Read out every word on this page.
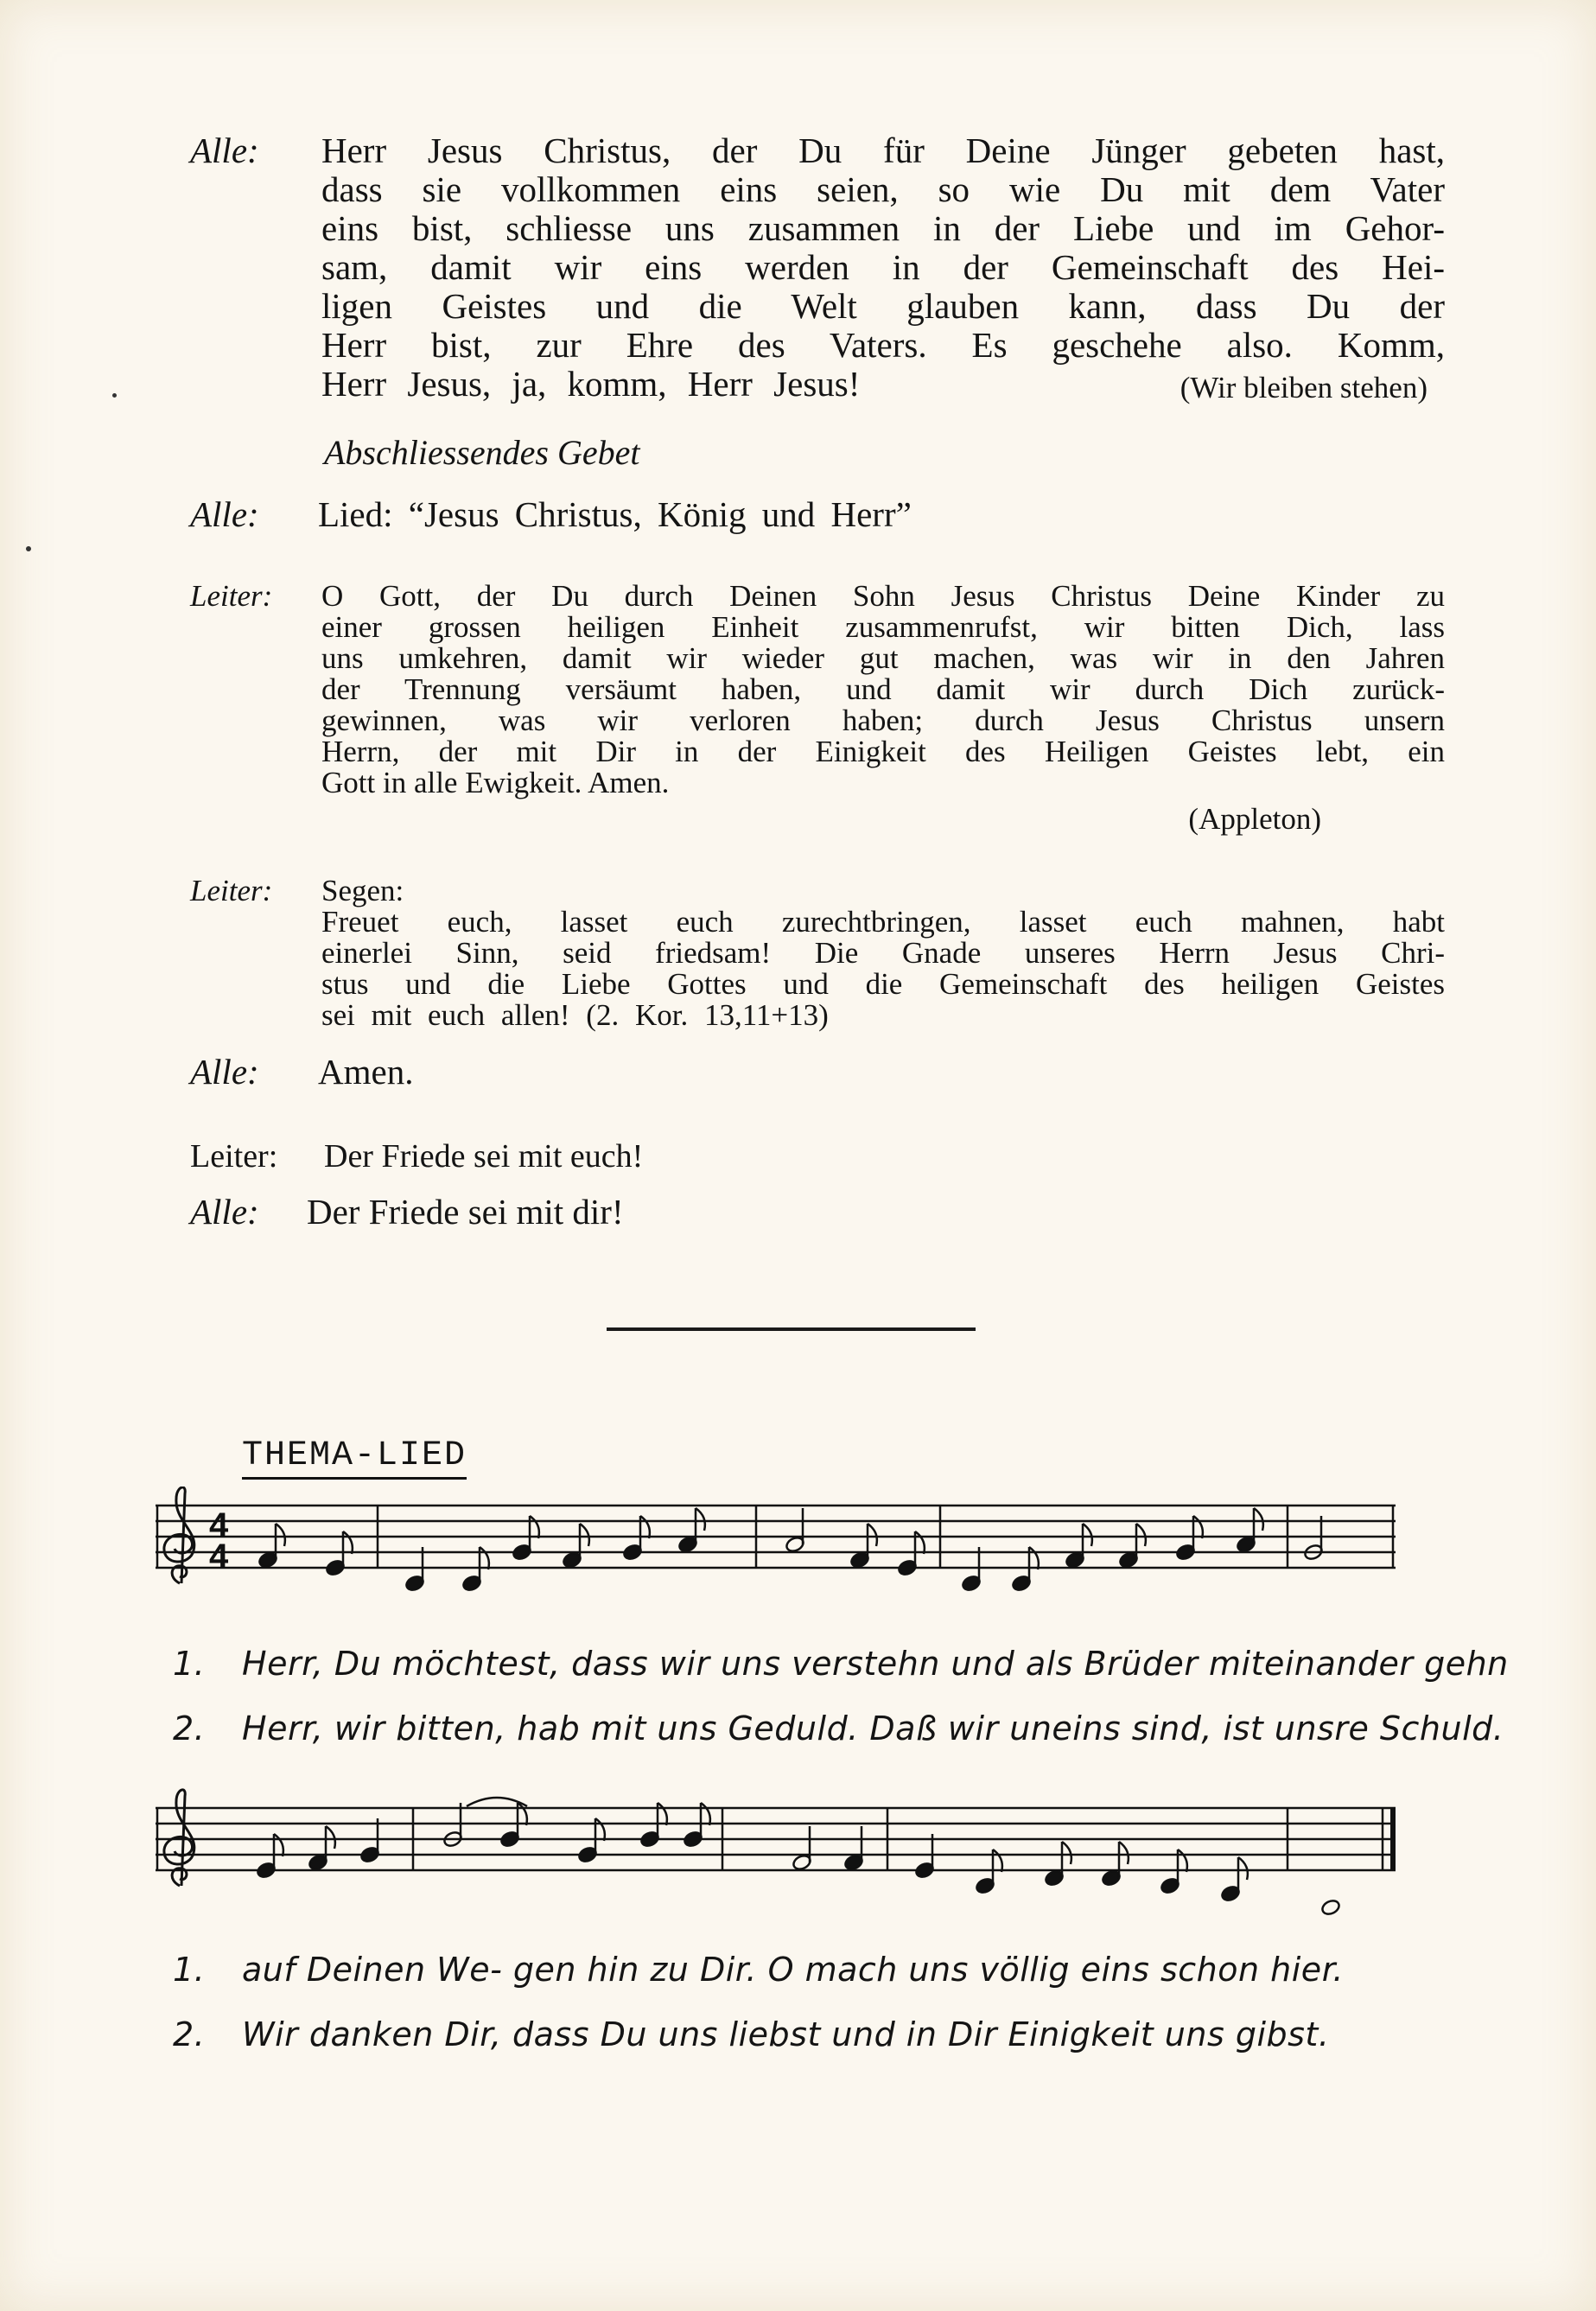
Alle: Herr Jesus Christus, der Du für Deine Jünger gebeten hast,
dass sie vollkommen eins seien, so wie Du mit dem Vater
eins bist, schliesse uns zusammen in der Liebe und im Gehor-
sam, damit wir eins werden in der Gemeinschaft des Hei-
ligen Geistes und die Welt glauben kann, dass Du der
Herr bist, zur Ehre des Vaters. Es geschehe also. Komm,
Herr Jesus, ja, komm, Herr Jesus!	(Wir bleiben stehen)
Abschliessendes Gebet
Alle: Lied: “Jesus Christus, König und Herr”
Leiter: O Gott, der Du durch Deinen Sohn Jesus Christus Deine Kinder zu
einer grossen heiligen Einheit zusammenrufst, wir bitten Dich, lass
uns umkehren, damit wir wieder gut machen, was wir in den Jahren
der Trennung versäumt haben, und damit wir durch Dich zurück-
gewinnen, was wir verloren haben; durch Jesus Christus unsern
Herrn, der mit Dir in der Einigkeit des Heiligen Geistes lebt, ein
Gott in alle Ewigkeit. Amen.
(Appleton)
Leiter: Segen:
Freuet euch, lasset euch zurechtbringen, lasset euch mahnen, habt
einerlei Sinn, seid friedsam! Die Gnade unseres Herrn Jesus Chri-
stus und die Liebe Gottes und die Gemeinschaft des heiligen Geistes
sei mit euch allen! (2. Kor. 13,11+13)
Alle: Amen.
Leiter: Der Friede sei mit euch!
Alle: Der Friede sei mit dir!
THEMA-LIED
4
4
1. Herr, Du möchtest, dass wir uns verstehn und als Brüder miteinander gehn
2. Herr, wir bitten, hab mit uns Geduld. Daß wir uneins sind, ist unsre Schuld.
1. auf Deinen We- gen hin zu Dir. O mach uns völlig eins schon hier.
2. Wir danken Dir, dass Du uns liebst und in Dir Einigkeit uns gibst.
